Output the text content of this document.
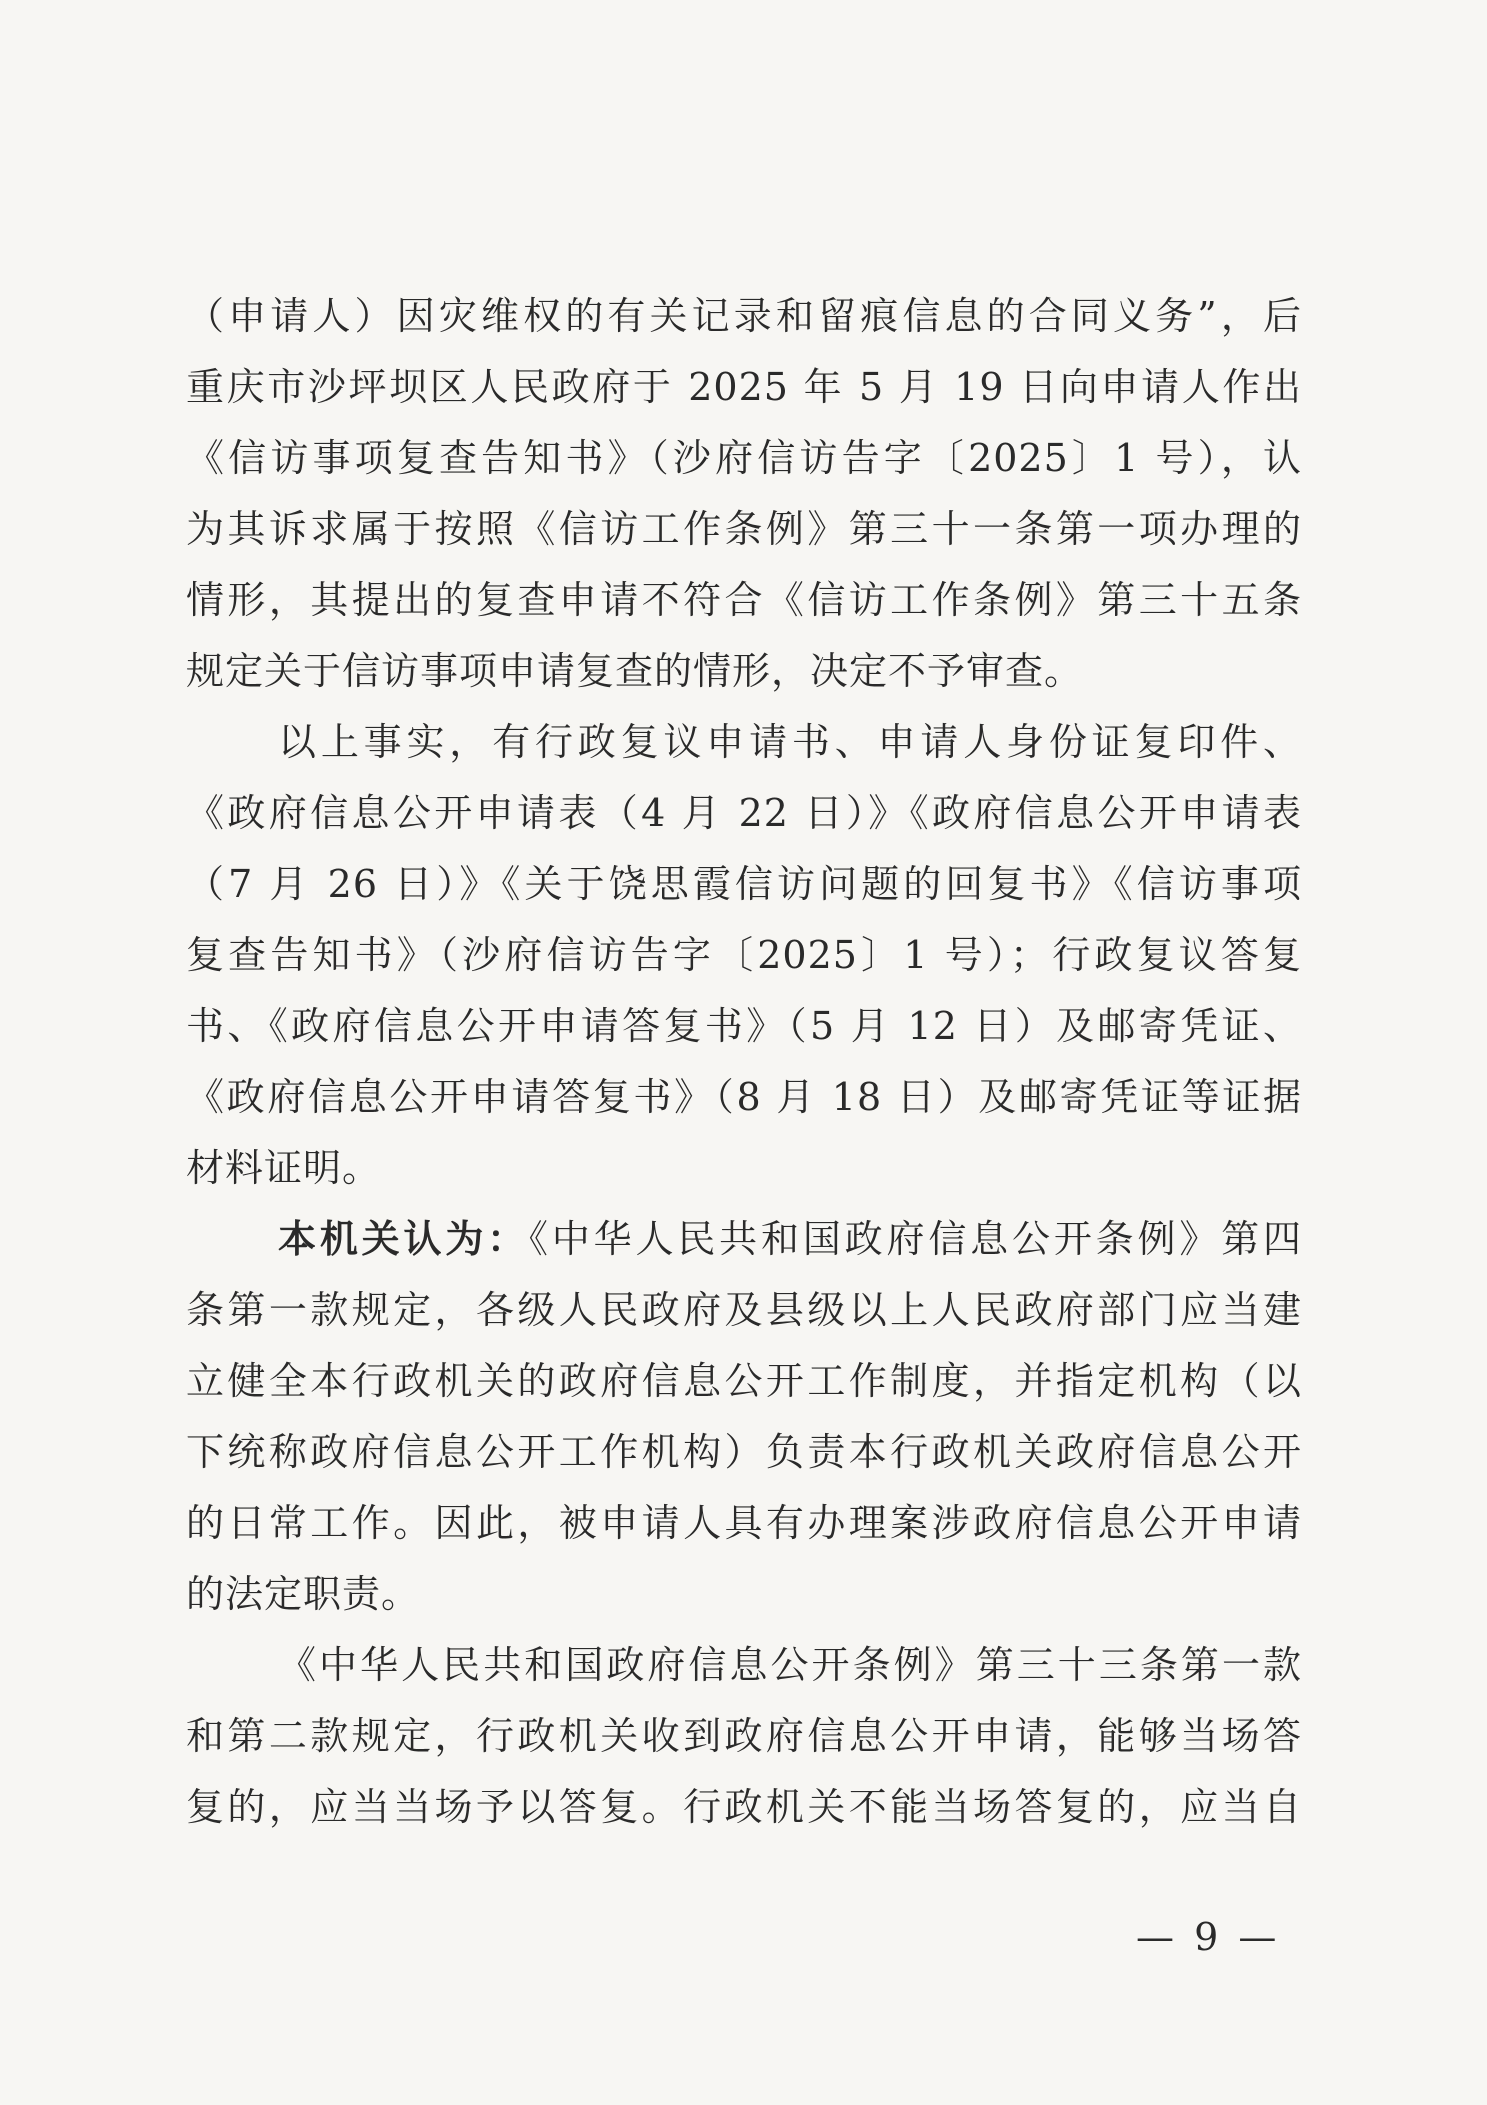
（申请人）因灾维权的有关记录和留痕信息的合同义务”，后
重庆市沙坪坝区人民政府于 2025 年 5 月 19 日向申请人作出
《信访事项复查告知书》（沙府信访告字〔2025〕1 号），认
为其诉求属于按照《信访工作条例》第三十一条第一项办理的
情形，其提出的复查申请不符合《信访工作条例》第三十五条
规定关于信访事项申请复查的情形，决定不予审查。
以上事实，有行政复议申请书、申请人身份证复印件、
《政府信息公开申请表（4 月 22 日）》《政府信息公开申请表
（7 月 26 日）》《关于饶思霞信访问题的回复书》《信访事项
复查告知书》（沙府信访告字〔2025〕1 号）；行政复议答复
书、《政府信息公开申请答复书》（5 月 12 日）及邮寄凭证、
《政府信息公开申请答复书》（8 月 18 日）及邮寄凭证等证据
材料证明。
本机关认为：《中华人民共和国政府信息公开条例》第四
条第一款规定，各级人民政府及县级以上人民政府部门应当建
立健全本行政机关的政府信息公开工作制度，并指定机构（以
下统称政府信息公开工作机构）负责本行政机关政府信息公开
的日常工作。因此，被申请人具有办理案涉政府信息公开申请
的法定职责。
《中华人民共和国政府信息公开条例》第三十三条第一款
和第二款规定，行政机关收到政府信息公开申请，能够当场答
复的，应当当场予以答复。行政机关不能当场答复的，应当自
— 9 —
